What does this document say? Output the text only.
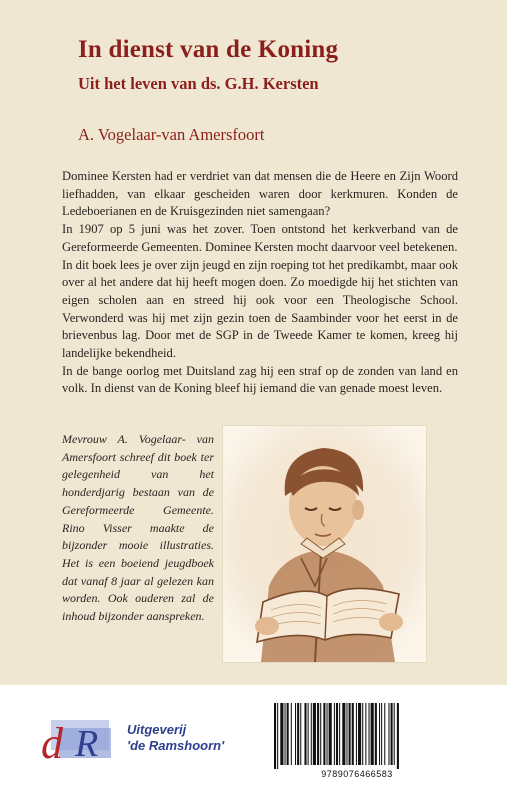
In dienst van de Koning
Uit het leven van ds. G.H. Kersten

A. Vogelaar-van Amersfoort

Dominee Kersten had er verdriet van dat mensen die de Heere en Zijn Woord liefhadden, van elkaar gescheiden waren door kerkmuren. Konden de Ledeboerianen en de Kruisgezinden niet samengaan?

In 1907 op 5 juni was het zover. Toen ontstond het kerkverband van de Gereformeerde Gemeenten. Dominee Kersten mocht daarvoor veel betekenen.

In dit boek lees je over zijn jeugd en zijn roeping tot het predikambt, maar ook over al het andere dat hij heeft mogen doen. Zo moedigde hij het stichten van eigen scholen aan en streed hij ook voor een Theologische School. Verwonderd was hij met zijn gezin toen de Saambinder voor het eerst in de brievenbus lag. Door met de SGP in de Tweede Kamer te komen, kreeg hij landelijke bekendheid.

In de bange oorlog met Duitsland zag hij een straf op de zonden van land en volk. In dienst van de Koning bleef hij iemand die van genade moest leven.

Mevrouw A. Vogelaar- van Amersfoort schreef dit boek ter gelegenheid van het honderdjarig bestaan van de Gereformeerde Gemeente. Rino Visser maakte de bijzonder mooie illustraties. Het is een boeiend jeugdboek dat vanaf 8 jaar al gelezen kan worden. Ook ouderen zal de inhoud bijzonder aanspreken.

d R Uitgeverij
'de Ramshoorn'
9789076466583
